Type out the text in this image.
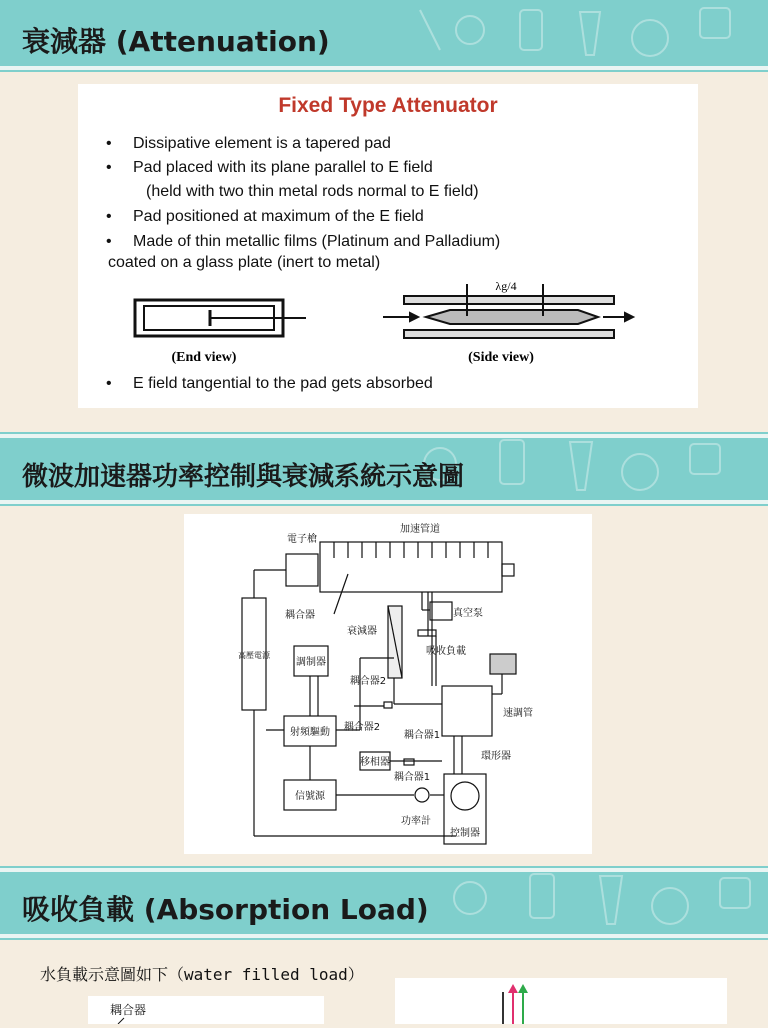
衰減器 (Attenuation)
Fixed Type Attenuator
• Dissipative element is a tapered pad
• Pad placed with its plane parallel to E field
(held with two thin metal rods normal to E field)
• Pad positioned at maximum of the E field
• Made of thin metallic films (Platinum and Palladium)
coated on a glass plate (inert to metal)
• E field tangential to the pad gets absorbed
(End view)
λg/4
(Side view)
微波加速器功率控制與衰減系統示意圖
加速管道
電子槍
耦合器	真空泵
衰減器
吸收負載
調制器
耦合器2
速調管
耦合器2
射頻驅動	耦合器1
環形器
移相器
耦合器1
信號源
功率計
控制器
高壓電源
吸收負載 (Absorption Load)
水負載示意圖如下（water filled load）
耦合器
